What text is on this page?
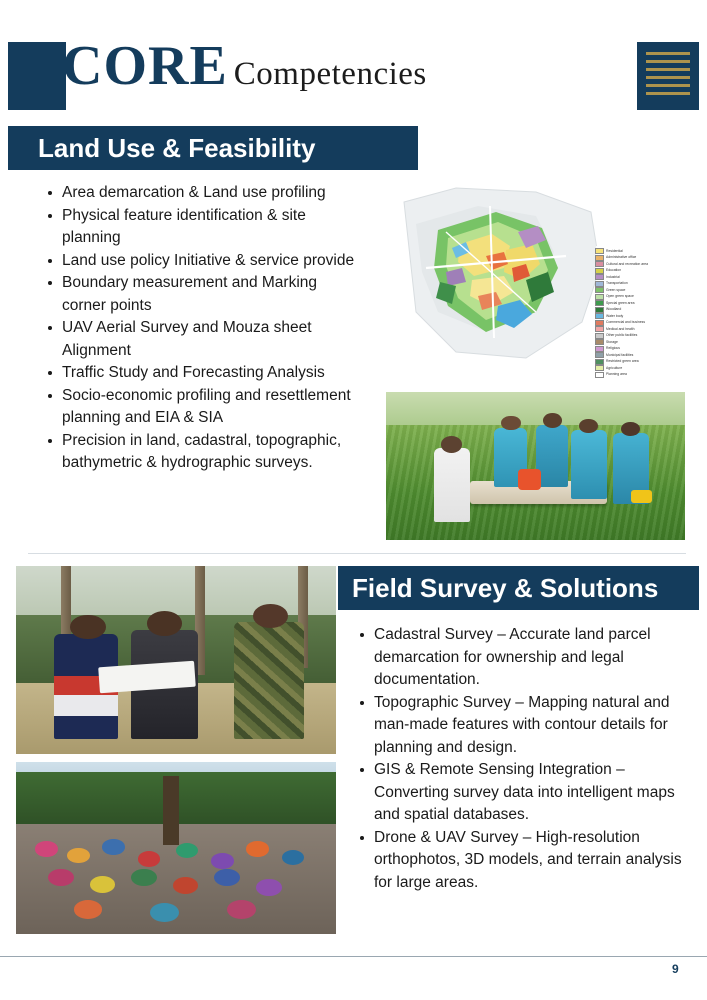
CORE Competencies
Land Use & Feasibility
Area demarcation & Land use profiling
Physical feature identification & site planning
Land use policy Initiative & service provide
Boundary measurement and Marking corner points
UAV Aerial Survey and Mouza sheet Alignment
Traffic Study and Forecasting Analysis
Socio-economic profiling and resettlement planning and EIA & SIA
Precision in land, cadastral, topographic, bathymetric & hydrographic surveys.
Residential
Administrative office
Cultural and recreation area
Education
Industrial
Transportation
Green space
Open green space
Special green area
Woodland
Water body
Commercial and business
Medical and health
Other public facilities
Storage
Religious
Municipal facilities
Restricted green area
Agriculture
Planning area
Field Survey & Solutions
Cadastral Survey – Accurate land parcel demarcation for ownership and legal documentation.
Topographic Survey – Mapping natural and man-made features with contour details for planning and design.
GIS & Remote Sensing Integration – Converting survey data into intelligent maps and spatial databases.
Drone & UAV Survey – High-resolution orthophotos, 3D models, and terrain analysis for large areas.
9
